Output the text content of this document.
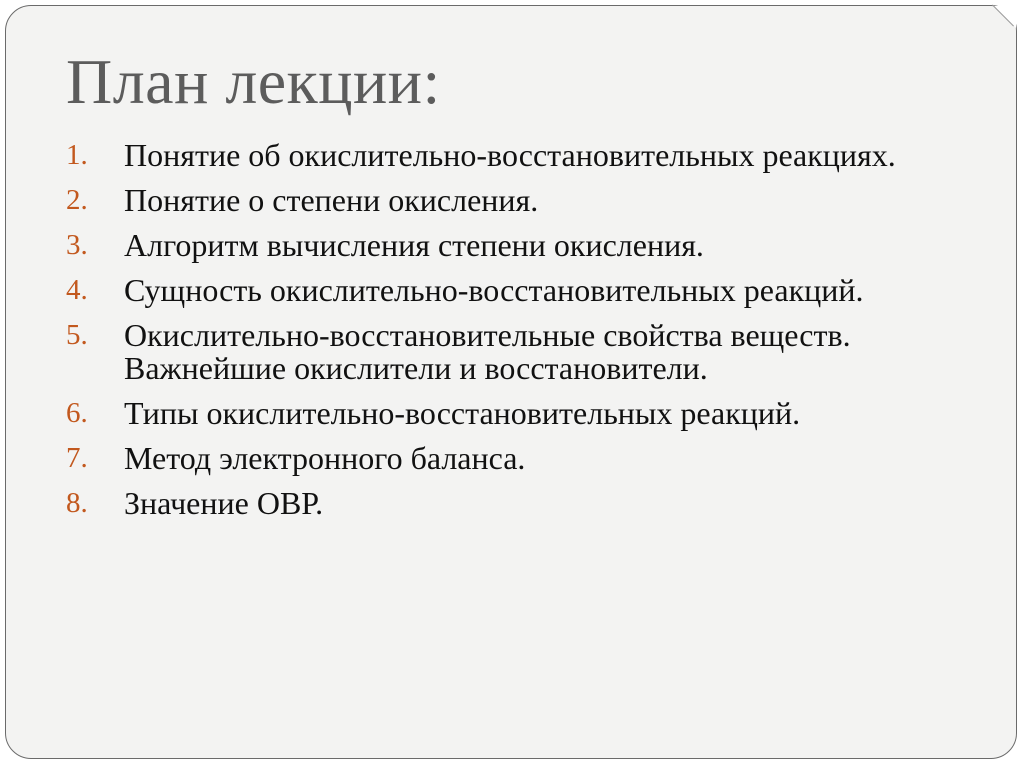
План лекции:
1.	Понятие об окислительно-восстановительных реакциях.
2.	Понятие о степени окисления.
3.	Алгоритм вычисления степени окисления.
4.	Сущность окислительно-восстановительных реакций.
5.	Окислительно-восстановительные свойства веществ. Важнейшие окислители и восстановители.
6.	Типы окислительно-восстановительных реакций.
7.	Метод электронного баланса.
8.	Значение ОВР.
